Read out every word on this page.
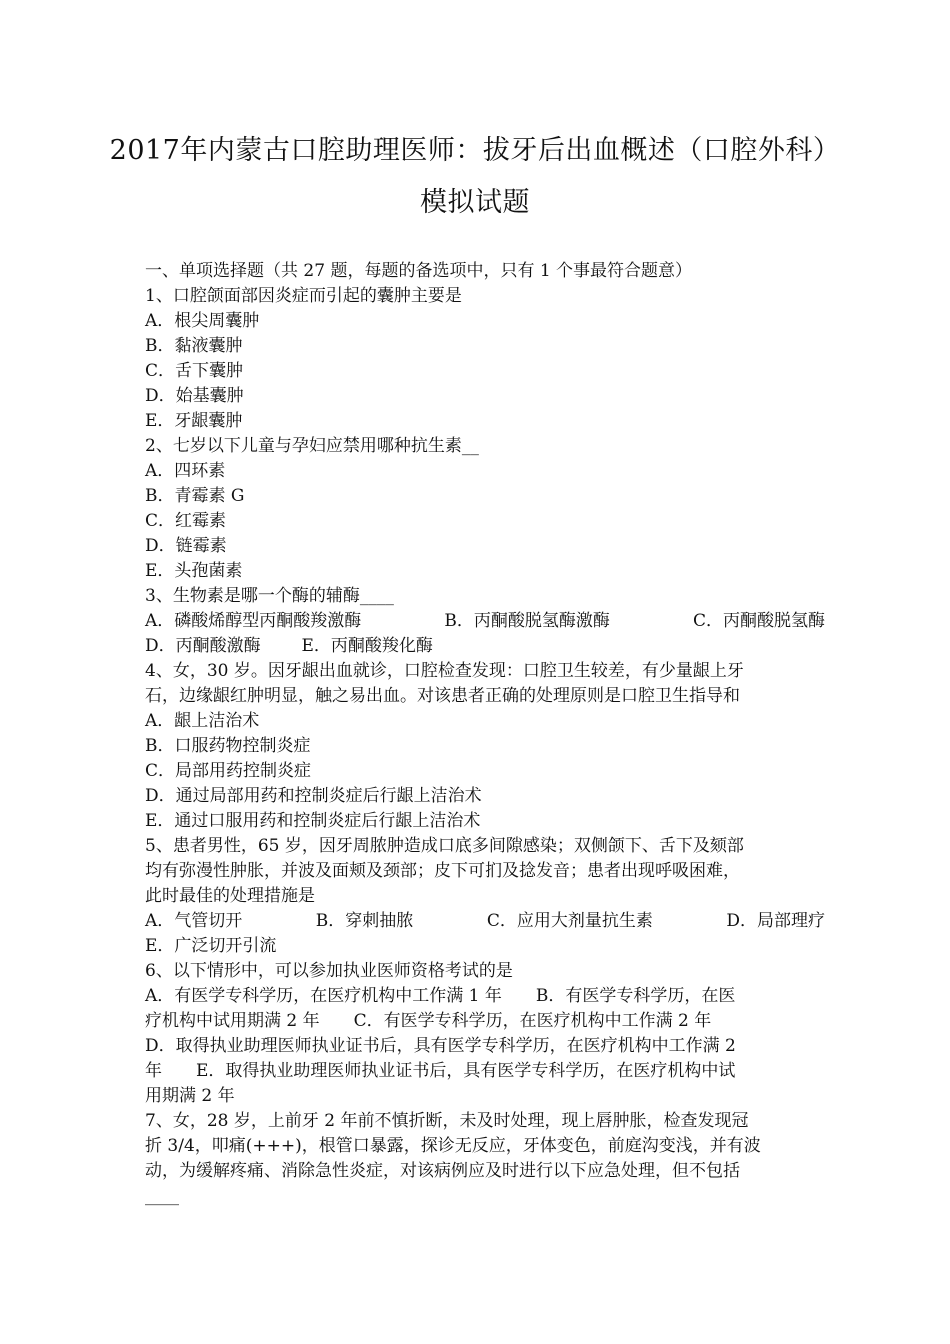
2017年内蒙古口腔助理医师：拔牙后出血概述（口腔外科）
模拟试题
一、单项选择题（共 27 题，每题的备选项中，只有 1 个事最符合题意）
1、口腔颌面部因炎症而引起的囊肿主要是
A．根尖周囊肿
B．黏液囊肿
C．舌下囊肿
D．始基囊肿
E．牙龈囊肿
2、七岁以下儿童与孕妇应禁用哪种抗生素__
A．四环素
B．青霉素 G
C．红霉素
D．链霉素
E．头孢菌素
3、生物素是哪一个酶的辅酶____
A．磷酸烯醇型丙酮酸羧激酶	B．丙酮酸脱氢酶激酶	C．丙酮酸脱氢酶
D．丙酮酸激酶 E．丙酮酸羧化酶
4、女，30 岁。因牙龈出血就诊，口腔检查发现：口腔卫生较差，有少量龈上牙
石，边缘龈红肿明显，触之易出血。对该患者正确的处理原则是口腔卫生指导和
A．龈上洁治术
B．口服药物控制炎症
C．局部用药控制炎症
D．通过局部用药和控制炎症后行龈上洁治术
E．通过口服用药和控制炎症后行龈上洁治术
5、患者男性，65 岁，因牙周脓肿造成口底多间隙感染；双侧颌下、舌下及颏部
均有弥漫性肿胀，并波及面颊及颈部；皮下可扪及捻发音；患者出现呼吸困难，
此时最佳的处理措施是
A．气管切开	B．穿刺抽脓	C．应用大剂量抗生素	D．局部理疗
E．广泛切开引流
6、以下情形中，可以参加执业医师资格考试的是
A．有医学专科学历，在医疗机构中工作满 1 年　　B．有医学专科学历，在医
疗机构中试用期满 2 年　　C．有医学专科学历，在医疗机构中工作满 2 年
D．取得执业助理医师执业证书后，具有医学专科学历，在医疗机构中工作满 2
年　　E．取得执业助理医师执业证书后，具有医学专科学历，在医疗机构中试
用期满 2 年
7、女，28 岁，上前牙 2 年前不慎折断，未及时处理，现上唇肿胀，检查发现冠
折 3/4，叩痛(+++)，根管口暴露，探诊无反应，牙体变色，前庭沟变浅，并有波
动，为缓解疼痛、消除急性炎症，对该病例应及时进行以下应急处理，但不包括
____
